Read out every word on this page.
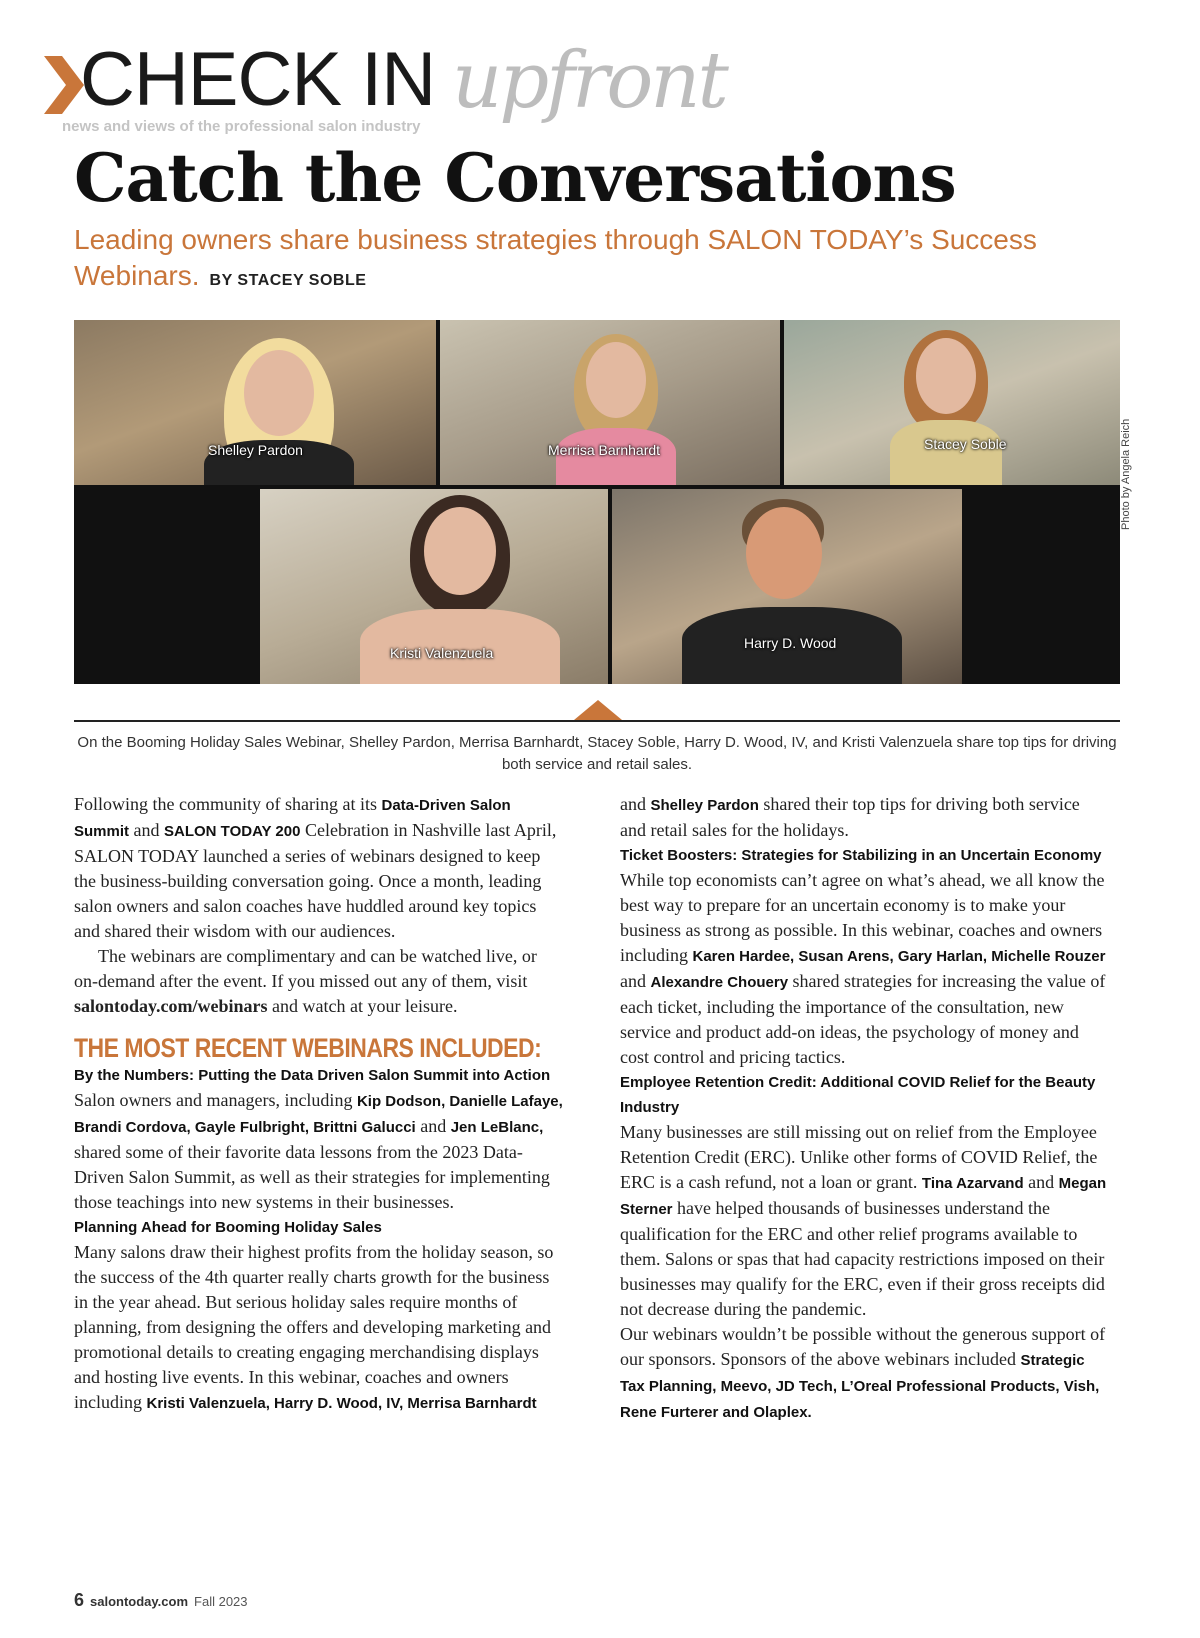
CHECK IN upfront
news and views of the professional salon industry
Catch the Conversations
Leading owners share business strategies through SALON TODAY’s Success Webinars. BY STACEY SOBLE
Shelley Pardon	Merrisa Barnhardt	Stacey Soble
Kristi Valenzuela
Harry D. Wood
Photo by Angela Reich
On the Booming Holiday Sales Webinar, Shelley Pardon, Merrisa Barnhardt, Stacey Soble, Harry D. Wood, IV, and Kristi Valenzuela share top tips for driving both service and retail sales.

Following the community of sharing at its Data-Driven Salon Summit and SALON TODAY 200 Celebration in Nashville last April, SALON TODAY launched a series of webinars designed to keep the business-building conversation going. Once a month, leading salon owners and salon coaches have huddled around key topics and shared their wisdom with our audiences.

The webinars are complimentary and can be watched live, or on-demand after the event. If you missed out any of them, visit salontoday.com/webinars and watch at your leisure.

THE MOST RECENT WEBINARS INCLUDED:

By the Numbers: Putting the Data Driven Salon Summit into Action

Salon owners and managers, including Kip Dodson, Danielle Lafaye, Brandi Cordova, Gayle Fulbright, Brittni Galucci and Jen LeBlanc, shared some of their favorite data lessons from the 2023 Data-Driven Salon Summit, as well as their strategies for implementing those teachings into new systems in their businesses.

Planning Ahead for Booming Holiday Sales

Many salons draw their highest profits from the holiday season, so the success of the 4th quarter really charts growth for the business in the year ahead. But serious holiday sales require months of planning, from designing the offers and developing marketing and promotional details to creating engaging merchandising displays and hosting live events. In this webinar, coaches and owners including Kristi Valenzuela, Harry D. Wood, IV, Merrisa Barnhardt

and Shelley Pardon shared their top tips for driving both service and retail sales for the holidays.

Ticket Boosters: Strategies for Stabilizing in an Uncertain Economy

While top economists can’t agree on what’s ahead, we all know the best way to prepare for an uncertain economy is to make your business as strong as possible. In this webinar, coaches and owners including Karen Hardee, Susan Arens, Gary Harlan, Michelle Rouzer and Alexandre Chouery shared strategies for increasing the value of each ticket, including the importance of the consultation, new service and product add-on ideas, the psychology of money and cost control and pricing tactics.

Employee Retention Credit: Additional COVID Relief for the Beauty Industry

Many businesses are still missing out on relief from the Employee Retention Credit (ERC). Unlike other forms of COVID Relief, the ERC is a cash refund, not a loan or grant. Tina Azarvand and Megan Sterner have helped thousands of businesses understand the qualification for the ERC and other relief programs available to them. Salons or spas that had capacity restrictions imposed on their businesses may qualify for the ERC, even if their gross receipts did not decrease during the pandemic.

Our webinars wouldn’t be possible without the generous support of our sponsors. Sponsors of the above webinars included Strategic Tax Planning, Meevo, JD Tech, L’Oreal Professional Products, Vish, Rene Furterer and Olaplex.

6 salontoday.com Fall 2023
